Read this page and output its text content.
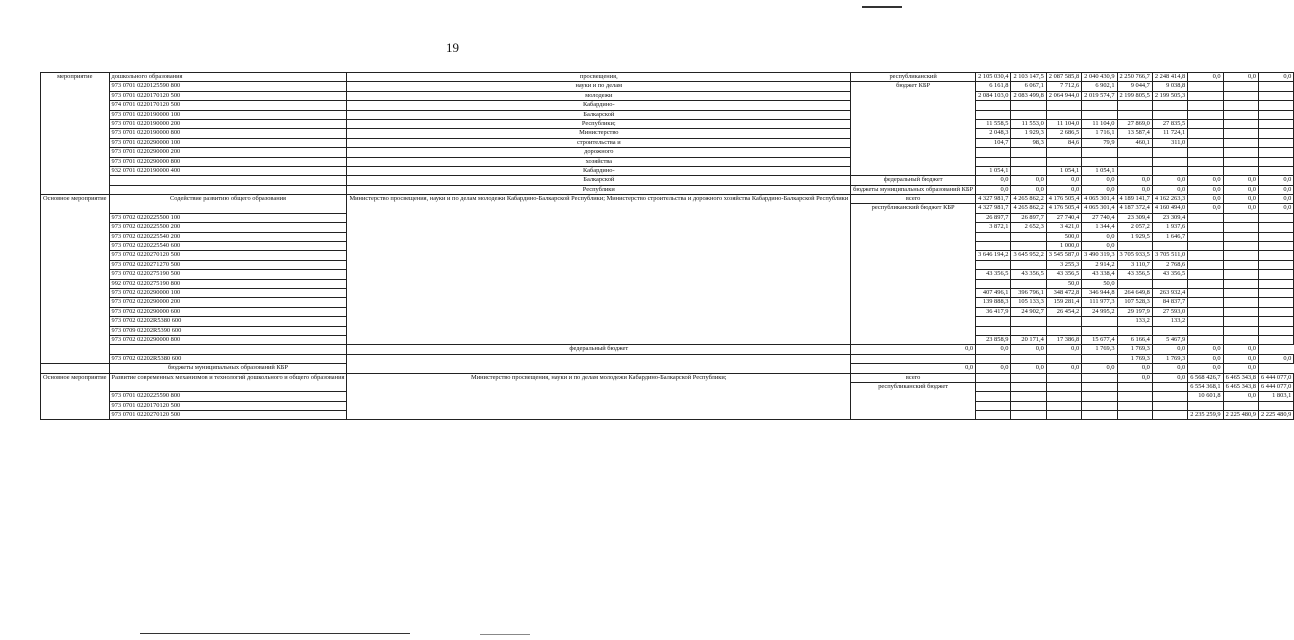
19
мероприятие	дошкольного образования	просвещения,	республиканский	2 105 030,4	2 103 147,5	2 087 585,8	2 040 430,9	2 250 766,7	2 248 414,8	0,0	0,0	0,0
	973 0701 0220125590 800	науки и по делам	бюджет КБР	6 161,8	6 067,1	7 712,6	6 902,1	9 044,7	9 038,8			
	973 0701 0220170120 500	молодежи		2 084 103,0	2 083 499,8	2 064 944,0	2 019 574,7	2 199 805,5	2 199 505,3			
	974 0701 0220170120 500	Кабардино-										
	973 0701 0220190000 100	Балкарской										
	973 0701 0220190000 200	Республики;		11 558,5	11 553,0	11 104,0	11 104,0	27 869,0	27 835,5			
	973 0701 0220190000 800	Министерство		2 048,3	1 929,3	2 686,5	1 716,1	13 587,4	11 724,1			
	973 0701 0220290000 100	строительства и		104,7	98,3	84,6	79,9	460,1	311,0			
	973 0701 0220290000 200	дорожного										
	973 0701 0220290000 800	хозяйства										
	932 0701 0220190000 400	Кабардино-		1 054,1		1 054,1	1 054,1					
		Балкарской	федеральный бюджет	0,0	0,0	0,0	0,0	0,0	0,0	0,0	0,0	0,0
		Республики	бюджеты муниципальных образований КБР	0,0	0,0	0,0	0,0	0,0	0,0	0,0	0,0	0,0
Основное мероприятие	Содействие развитию общего образования	Министерство просвещения, науки и по делам молодежи Кабардино-Балкарской Республики; Министерство строительства и дорожного хозяйства Кабардино-Балкарской Республики	всего	4 327 981,7	4 265 862,2	4 176 505,4	4 065 301,4	4 189 141,7	4 162 263,3	0,0	0,0	0,0
			республиканский бюджет КБР	4 327 981,7	4 265 862,2	4 176 505,4	4 065 301,4	4 187 372,4	4 160 494,0	0,0	0,0	0,0
	973 0702 0220225500 100			26 897,7	26 897,7	27 740,4	27 740,4	23 309,4	23 309,4			
	973 0702 0220225500 200			3 872,1	2 652,3	3 421,0	1 344,4	2 057,2	1 937,6			
	973 0702 0220225540 200					500,0	0,0	1 929,5	1 646,7			
	973 0702 0220225540 600					1 000,0	0,0					
	973 0702 0220270120 500			3 646 194,2	3 645 952,2	3 545 587,0	3 490 319,3	3 705 933,5	3 705 511,0			
	973 0702 0220271270 500					3 255,3	2 914,2	3 110,7	2 768,6			
	973 0702 0220275190 500			43 356,5	43 356,5	43 356,5	43 338,4	43 356,5	43 356,5			
	992 0702 0220275190 800					50,0	50,0					
	973 0702 0220290000 100			407 496,1	396 796,1	348 472,8	346 944,8	264 649,8	263 932,4			
	973 0702 0220290000 200			139 888,3	105 133,3	159 281,4	111 977,3	107 528,3	84 837,7			
	973 0702 0220290000 600			36 417,9	24 902,7	26 454,2	24 995,2	29 197,9	27 593,0			
	973 0702 02202R5380 600							133,2	133,2			
	973 0709 02202R5390 600											
	973 0702 0220290000 800			23 858,9	20 171,4	17 386,8	15 677,4	6 166,4	5 467,9			
		федеральный бюджет	0,0	0,0	0,0	0,0	1 769,3	1 769,3	0,0	0,0	0,0	
	973 0702 02202R5380 600							1 769,3	1 769,3	0,0	0,0	0,0
	бюджеты муниципальных образований КБР		0,0	0,0	0,0	0,0	0,0	0,0	0,0	0,0	0,0	
Основное мероприятие	Развитие современных механизмов и технологий дошкольного и общего образования	Министерство просвещения, науки и по делам молодежи Кабардино-Балкарской Республики;	всего					0,0	0,0	6 568 426,7	6 465 343,8	6 444 077,0
			республиканский бюджет							6 554 368,1	6 465 343,8	6 444 077,0
	973 0701 0220225590 800									10 601,8	0,0	1 803,1
	973 0701 0220170120 500											
	973 0701 0220270120 500									2 235 259,9	2 225 480,9	2 225 480,9
